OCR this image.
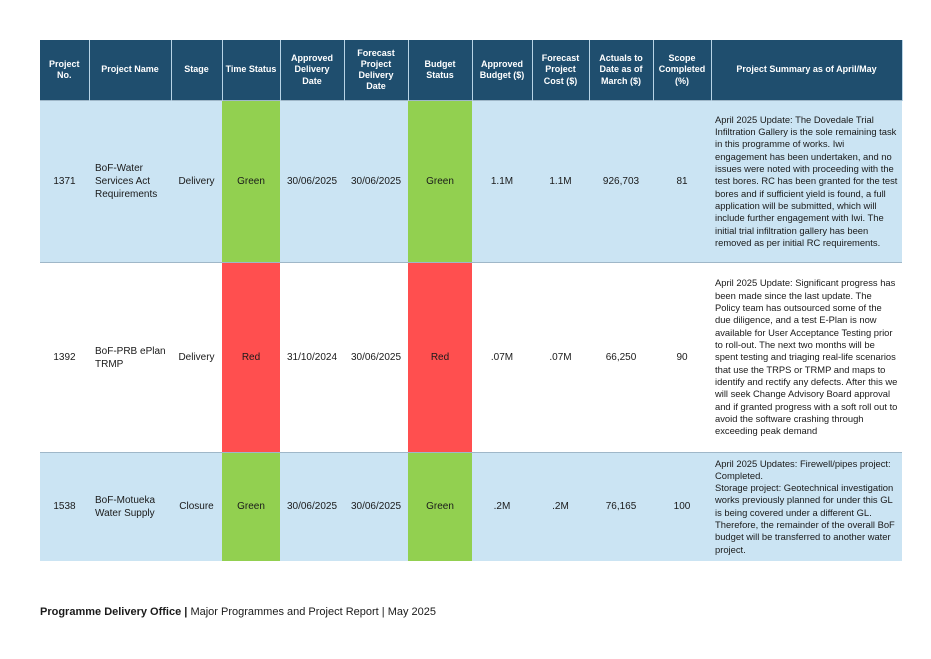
Project No.	Project Name	Stage	Time Status	Approved Delivery Date	Forecast Project Delivery Date	Budget Status	Approved Budget ($)	Forecast Project Cost ($)	Actuals to Date as of March ($)	Scope Completed (%)	Project Summary as of April/May
1371	BoF-Water Services Act Requirements	Delivery	Green	30/06/2025	30/06/2025	Green	1.1M	1.1M	926,703	81	April 2025 Update: The Dovedale Trial Infiltration Gallery is the sole remaining task in this programme of works. Iwi engagement has been undertaken, and no issues were noted with proceeding with the test bores. RC has been granted for the test bores and if sufficient yield is found, a full application will be submitted, which will include further engagement with Iwi. The initial trial infiltration gallery has been removed as per initial RC requirements.
1392	BoF-PRB ePlan TRMP	Delivery	Red	31/10/2024	30/06/2025	Red	.07M	.07M	66,250	90	April 2025 Update: Significant progress has been made since the last update. The Policy team has outsourced some of the due diligence, and a test E-Plan is now available for User Acceptance Testing prior to roll-out. The next two months will be spent testing and triaging real-life scenarios that use the TRPS or TRMP and maps to identify and rectify any defects. After this we will seek Change Advisory Board approval and if granted progress with a soft roll out to avoid the software crashing through exceeding peak demand
1538	BoF-Motueka Water Supply	Closure	Green	30/06/2025	30/06/2025	Green	.2M	.2M	76,165	100	April 2025 Updates: Firewell/pipes project: Completed.
Storage project: Geotechnical investigation works previously planned for under this GL is being covered under a different GL. Therefore, the remainder of the overall BoF budget will be transferred to another water project.
Programme Delivery Office | Major Programmes and Project Report | May 2025
